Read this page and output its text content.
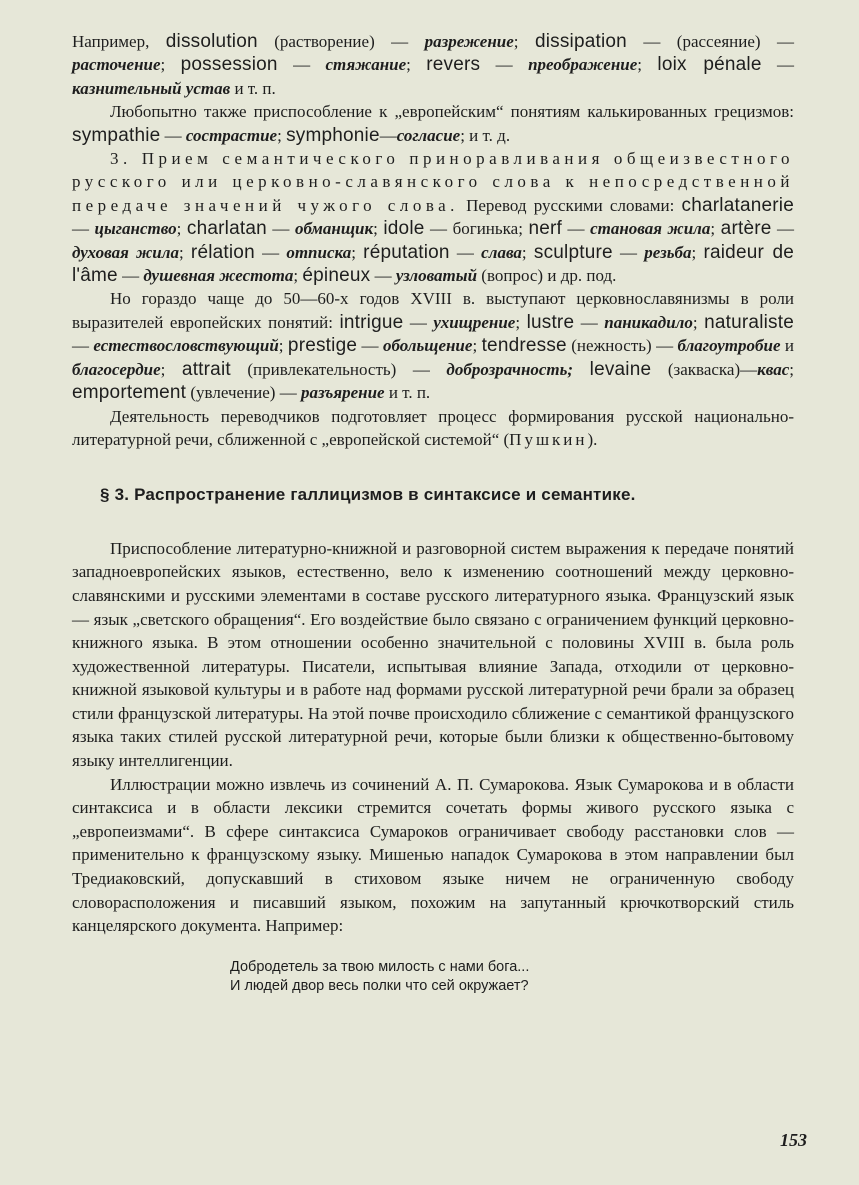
Например, dissolution (растворение) — разрежение; dissipation — (рассеяние) — расточение; possession — стяжание; revers — преображение; loix pénale — казнительный устав и т. п.

Любопытно также приспособление к „европейским“ понятиям калькированных грецизмов: sympathie — сострастие; symphonie—согласие; и т. д.

3. Прием семантического приноравливания общеизвестного русского или церковно-славянского слова к непосредственной передаче значений чужого слова. Перевод русскими словами: charlatanerie — цыганство; charlatan — обманщик; idole — богинька; nerf — становая жила; artère — духовая жила; rélation — отписка; réputation — слава; sculpture — резьба; raideur de l'âme — душевная жестота; épineux — узловатый (вопрос) и др. под.

Но гораздо чаще до 50—60-х годов XVIII в. выступают церковнославянизмы в роли выразителей европейских понятий: intrigue — ухищрение; lustre — паникадило; naturaliste — естествословствующий; prestige — обольщение; tendresse (нежность) — благоутробие и благосердие; attrait (привлекательность) — доброзрачность; levaine (закваска)—квас; emportement (увлечение) — разъярение и т. п.

Деятельность переводчиков подготовляет процесс формирования русской национально-литературной речи, сближенной с „европейской системой“ (Пушкин).

§ 3. Распространение галлицизмов в синтаксисе и семантике.

Приспособление литературно-книжной и разговорной систем выражения к передаче понятий западноевропейских языков, естественно, вело к изменению соотношений между церковно-славянскими и русскими элементами в составе русского литературного языка. Французский язык — язык „светского обращения“. Его воздействие было связано с ограничением функций церковно-книжного языка. В этом отношении особенно значительной с половины XVIII в. была роль художественной литературы. Писатели, испытывая влияние Запада, отходили от церковно-книжной языковой культуры и в работе над формами русской литературной речи брали за образец стили французской литературы. На этой почве происходило сближение с семантикой французского языка таких стилей русской литературной речи, которые были близки к общественно-бытовому языку интеллигенции.

Иллюстрации можно извлечь из сочинений А. П. Сумарокова. Язык Сумарокова и в области синтаксиса и в области лексики стремится сочетать формы живого русского языка с „европеизмами“. В сфере синтаксиса Сумароков ограничивает свободу расстановки слов — применительно к французскому языку. Мишенью нападок Сумарокова в этом направлении был Тредиаковский, допускавший в стиховом языке ничем не ограниченную свободу словорасположения и писавший языком, похожим на запутанный крючкотворский стиль канцелярского документа. Например:

Добродетель за твою милость с нами бога...
И людей двор весь полки что сей окружает?
153
